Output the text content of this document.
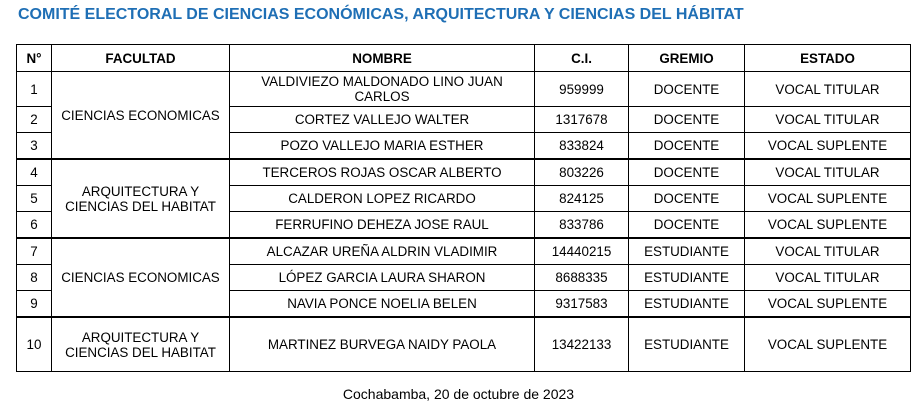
COMITÉ ELECTORAL DE CIENCIAS ECONÓMICAS, ARQUITECTURA Y CIENCIAS DEL HÁBITAT
N°	FACULTAD	NOMBRE	C.I.	GREMIO	ESTADO
1	CIENCIAS ECONOMICAS	VALDIVIEZO MALDONADO LINO JUAN CARLOS	959999	DOCENTE	VOCAL TITULAR
2		CORTEZ VALLEJO WALTER	1317678	DOCENTE	VOCAL TITULAR
3		POZO VALLEJO MARIA ESTHER	833824	DOCENTE	VOCAL SUPLENTE
4	ARQUITECTURA Y CIENCIAS DEL HABITAT	TERCEROS ROJAS OSCAR ALBERTO	803226	DOCENTE	VOCAL TITULAR
5		CALDERON LOPEZ RICARDO	824125	DOCENTE	VOCAL SUPLENTE
6		FERRUFINO DEHEZA JOSE RAUL	833786	DOCENTE	VOCAL SUPLENTE
7	CIENCIAS ECONOMICAS	ALCAZAR UREÑA ALDRIN VLADIMIR	14440215	ESTUDIANTE	VOCAL TITULAR
8		LÓPEZ GARCIA LAURA SHARON	8688335	ESTUDIANTE	VOCAL TITULAR
9		NAVIA PONCE NOELIA BELEN	9317583	ESTUDIANTE	VOCAL SUPLENTE
10	ARQUITECTURA Y CIENCIAS DEL HABITAT	MARTINEZ BURVEGA NAIDY PAOLA	13422133	ESTUDIANTE	VOCAL SUPLENTE
Cochabamba, 20 de octubre de 2023
